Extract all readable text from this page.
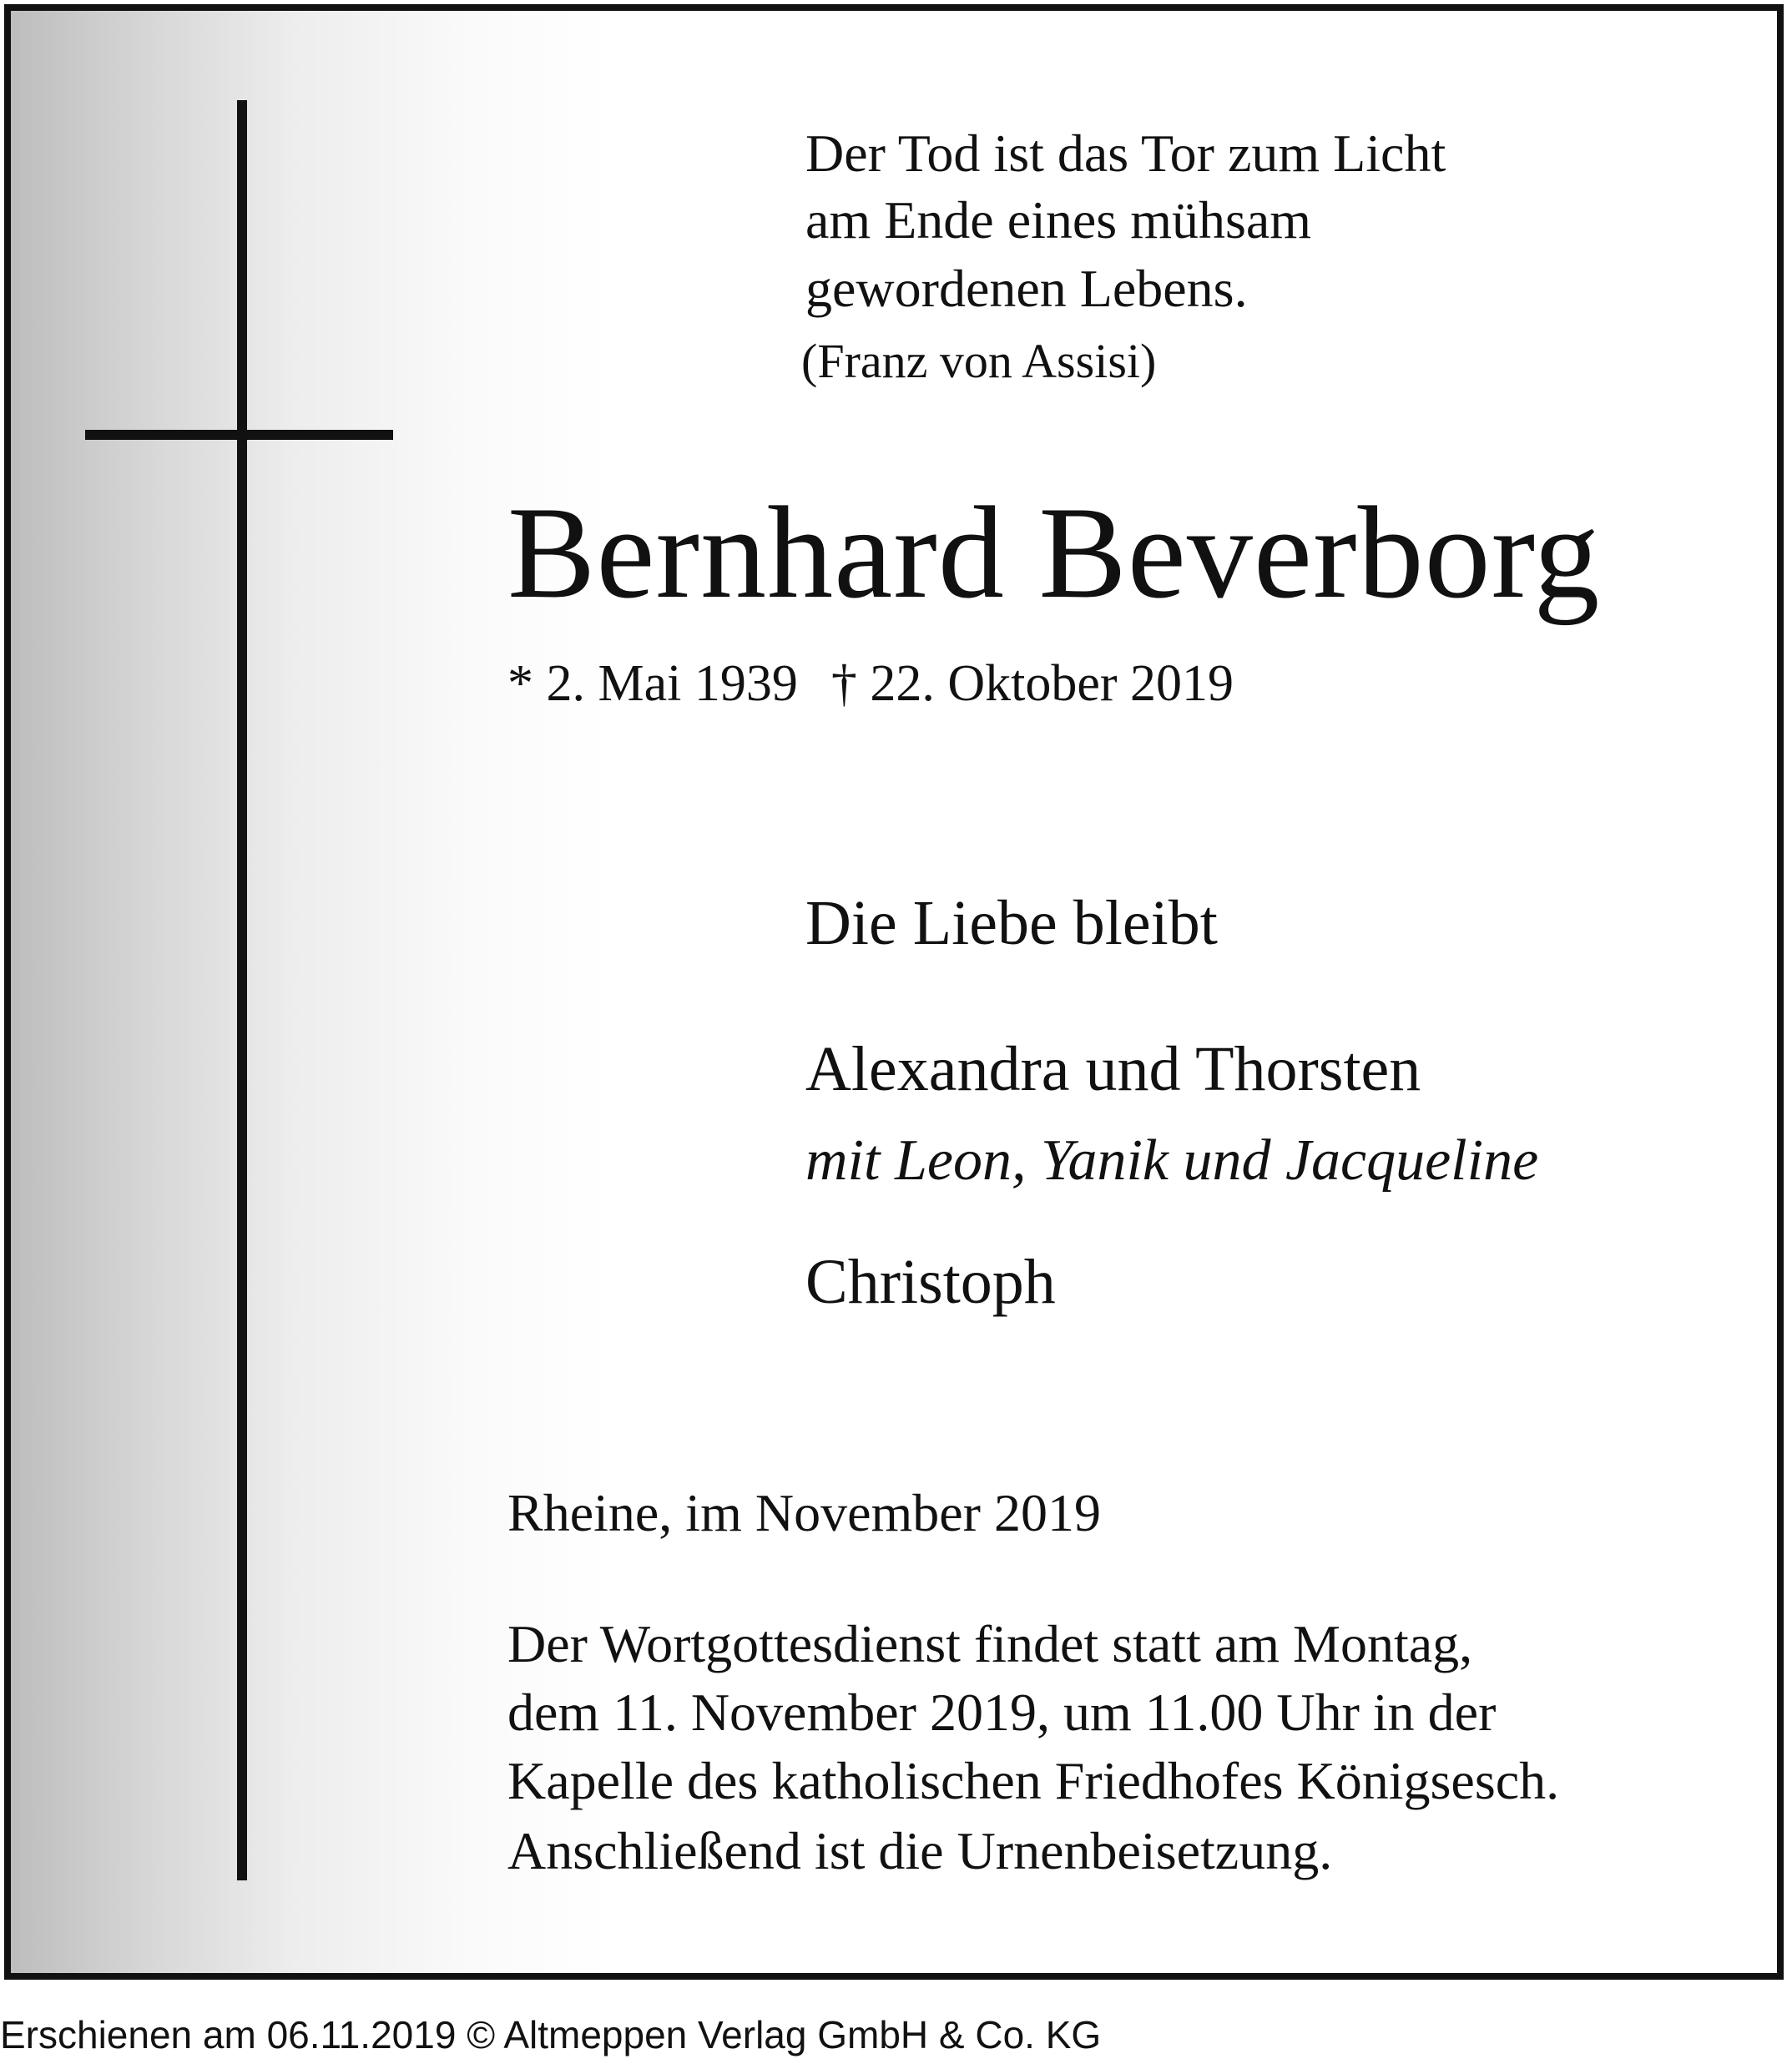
Der Tod ist das Tor zum Licht

am Ende eines mühsam

gewordenen Lebens.

(Franz von Assisi)

Bernhard Beverborg

* 2. Mai 1939 † 22. Oktober 2019

Die Liebe bleibt

Alexandra und Thorsten

mit Leon, Yanik und Jacqueline

Christoph

Rheine, im November 2019

Der Wortgottesdienst findet statt am Montag,

dem 11. November 2019, um 11.00 Uhr in der

Kapelle des katholischen Friedhofes Königsesch.

Anschließend ist die Urnenbeisetzung.

Erschienen am 06.11.2019 © Altmeppen Verlag GmbH & Co. KG
